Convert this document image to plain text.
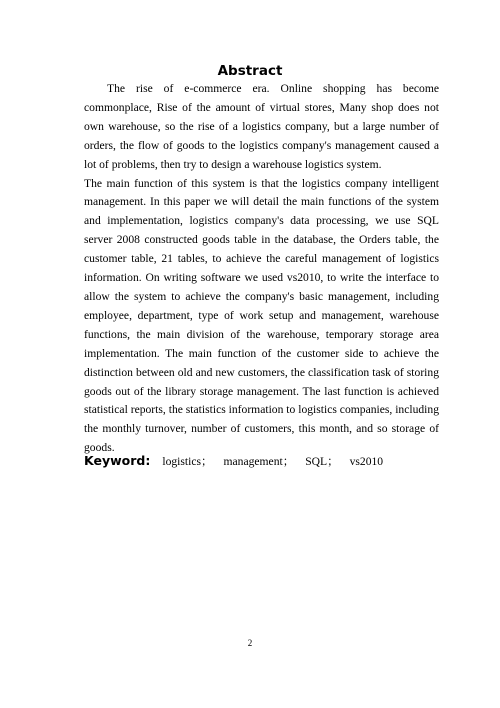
Abstract

The rise of e-commerce era. Online shopping has become commonplace, Rise of the amount of virtual stores, Many shop does not own warehouse, so the rise of a logistics company, but a large number of orders, the flow of goods to the logistics company's management caused a lot of problems, then try to design a warehouse logistics system.

The main function of this system is that the logistics company intelligent management. In this paper we will detail the main functions of the system and implementation, logistics company's data processing, we use SQL server 2008 constructed goods table in the database, the Orders table, the customer table, 21 tables, to achieve the careful management of logistics information. On writing software we used vs2010, to write the interface to allow the system to achieve the company's basic management, including employee, department, type of work setup and management, warehouse functions, the main division of the warehouse, temporary storage area implementation. The main function of the customer side to achieve the distinction between old and new customers, the classification task of storing goods out of the library storage management. The last function is achieved statistical reports, the statistics information to logistics companies, including the monthly turnover, number of customers, this month, and so storage of goods.

Keyword: logistics； management； SQL； vs2010
2
